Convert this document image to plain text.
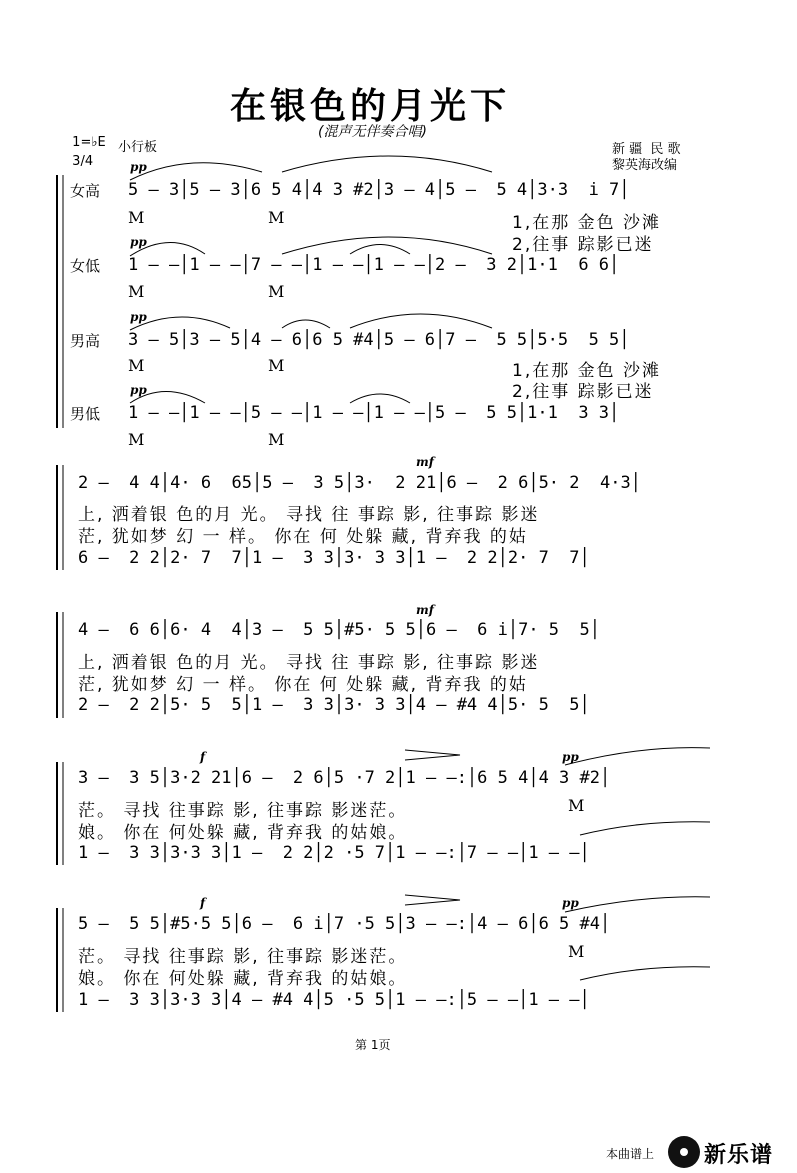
1=♭E
3/4

在银色的月光下
(混声无伴奏合唱)
小行板	新 疆  民 歌
黎英海改编
pp
女高 5 – 3│5 – 3│6 5 4│4 3 #2│3 – 4│5 –  5 4│3·3  i 7│
M	M	1,在那 金色 沙滩
2,往事 踪影已迷
pp
女低 1 – –│1 – –│7 – –│1 – –│1 – –│2 –  3 2│1·1  6 6│
M	M
pp
男高 3 – 5│3 – 5│4 – 6│6 5 #4│5 – 6│7 –  5 5│5·5  5 5│
M	M	1,在那 金色 沙滩
2,往事 踪影已迷
pp
男低 1 – –│1 – –│5 – –│1 – –│1 – –│5 –  5 5│1·1  3 3│
M	M
mf
2 –  4 4│4· 6  65│5 –  3 5│3·  2 21│6 –  2 6│5· 2  4·3│
上, 洒着银 色的月 光。 寻找 往 事踪 影, 往事踪 影迷
茫, 犹如梦 幻 一 样。 你在 何 处躲 藏, 背弃我 的姑
6 –  2 2│2· 7  7│1 –  3 3│3· 3 3│1 –  2 2│2· 7  7│
mf
4 –  6 6│6· 4  4│3 –  5 5│#5· 5 5│6 –  6 i│7· 5  5│
上, 洒着银 色的月 光。 寻找 往 事踪 影, 往事踪 影迷
茫, 犹如梦 幻 一 样。 你在 何 处躲 藏, 背弃我 的姑
2 –  2 2│5· 5  5│1 –  3 3│3· 3 3│4 – #4 4│5· 5  5│
f	pp
3 –  3 5│3·2 21│6 –  2 6│5 ·7 2│1 – –:│6 5 4│4 3 #2│
茫。 寻找 往事踪 影, 往事踪 影迷茫。	M
娘。 你在 何处躲 藏, 背弃我 的姑娘。
1 –  3 3│3·3 3│1 –  2 2│2 ·5 7│1 – –:│7 – –│1 – –│
f	pp
5 –  5 5│#5·5 5│6 –  6 i│7 ·5 5│3 – –:│4 – 6│6 5 #4│
茫。 寻找 往事踪 影, 往事踪 影迷茫。	M
娘。 你在 何处躲 藏, 背弃我 的姑娘。
1 –  3 3│3·3 3│4 – #4 4│5 ·5 5│1 – –:│5 – –│1 – –│
第 1页
本曲谱上 新乐谱
